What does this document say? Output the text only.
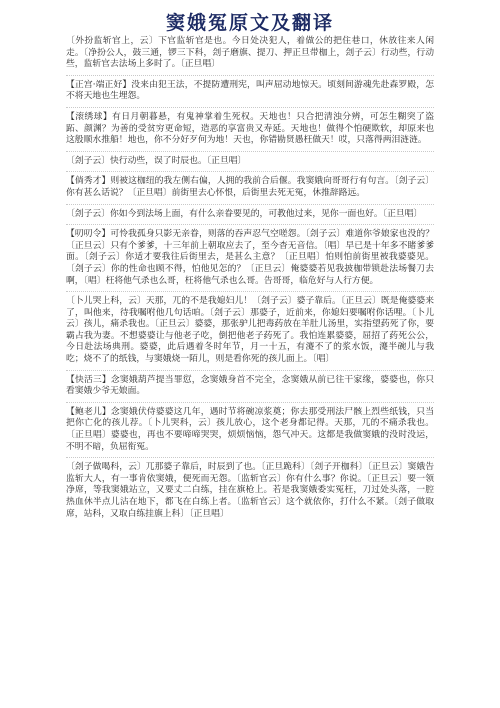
窦娥冤原文及翻译

〔外扮监斩官上，云〕下官监斩官是也。今日处决犯人，着做公的把住巷口，休放往来人闲走。〔净扮公人，鼓三通，锣三下科，刽子磨旗、提刀、押正旦带枷上，刽子云〕行动些，行动些，监斩官去法场上多时了。〔正旦唱〕

【正宫·端正好】没来由犯王法，不提防遭刑宪，叫声屈动地惊天。顷刻间游魂先赴森罗殿，怎不将天地也生埋怨。

【滚绣球】有日月朝暮悬，有鬼神掌着生死权。天地也！只合把清浊分辨，可怎生糊突了盗跖、颜渊？为善的受贫穷更命短，造恶的享富贵又寿延。天地也！做得个怕硬欺软，却原来也这般顺水推船！地也，你不分好歹何为地！天也，你错勘贤愚枉做天！哎，只落得两泪涟涟。

〔刽子云〕快行动些，误了时辰也。〔正旦唱〕

【倘秀才】则被这枷纽的我左侧右偏，人拥的我前合后偃。我窦娥向哥哥行有句言。〔刽子云〕你有甚么话说？〔正旦唱〕前街里去心怀恨，后街里去死无冤，休推辞路远。

〔刽子云〕你如今到法场上面，有什么亲眷要见的，可教他过来，见你一面也好。〔正旦唱〕

【叨叨令】可怜我孤身只影无亲眷，则落的吞声忍气空嗟怨。〔刽子云〕难道你爷娘家也没的？〔正旦云〕只有个爹爹，十三年前上朝取应去了，至今杳无音信。〔唱〕早已是十年多不睹爹爹面。〔刽子云〕你适才要我往后街里去，是甚么主意？〔正旦唱〕怕则怕前街里被我婆婆见。〔刽子云〕你的性命也顾不得，怕他见怎的？〔正旦云〕俺婆婆若见我披枷带锁赴法场餐刀去啊，〔唱〕枉将他气杀也么哥，枉将他气杀也么哥。告哥哥，临危好与人行方便。

〔卜儿哭上科，云〕天那，兀的不是我媳妇儿！〔刽子云〕婆子靠后。〔正旦云〕既是俺婆婆来了，叫他来，待我嘱咐他几句话咱。〔刽子云〕那婆子，近前来，你媳妇要嘱咐你话哩。〔卜儿云〕孩儿，痛杀我也。〔正旦云〕婆婆，那张驴儿把毒药放在羊肚儿汤里，实指望药死了你，要霸占我为妻。不想婆婆让与他老子吃，倒把他老子药死了。我怕连累婆婆，屈招了药死公公，今日赴法场典刑。婆婆，此后遇着冬时年节，月一十五，有瀽不了的浆水饭，瀽半碗儿与我吃；烧不了的纸钱，与窦娥烧一陌儿，则是看你死的孩儿面上。〔唱〕

【快活三】念窦娥葫芦提当罪愆，念窦娥身首不完全，念窦娥从前已往干家缘，婆婆也，你只看窦娥少爷无娘面。

【鲍老儿】念窦娥伏侍婆婆这几年，遇时节将碗凉浆奠；你去那受刑法尸骸上烈些纸钱，只当把你亡化的孩儿荐。〔卜儿哭科，云〕孩儿放心，这个老身都记得。天那，兀的不痛杀我也。〔正旦唱〕婆婆也，再也不要啼啼哭哭，烦烦恼恼，怨气冲天。这都是我做窦娥的没时没运，不明不暗，负屈衔冤。

〔刽子做喝科，云〕兀那婆子靠后，时辰到了也。〔正旦跪科〕〔刽子开枷科〕〔正旦云〕窦娥告监斩大人，有一事肯依窦娥，便死而无怨。〔监斩官云〕你有什么事？你说。〔正旦云〕要一领净席，等我窦娥站立，又要丈二白练，挂在旗枪上。若是我窦娥委实冤枉，刀过处头落，一腔热血休半点儿沾在地下，都飞在白练上者。〔监斩官云〕这个就依你，打什么不紧。〔刽子做取席，站科，又取白练挂旗上科〕〔正旦唱〕
